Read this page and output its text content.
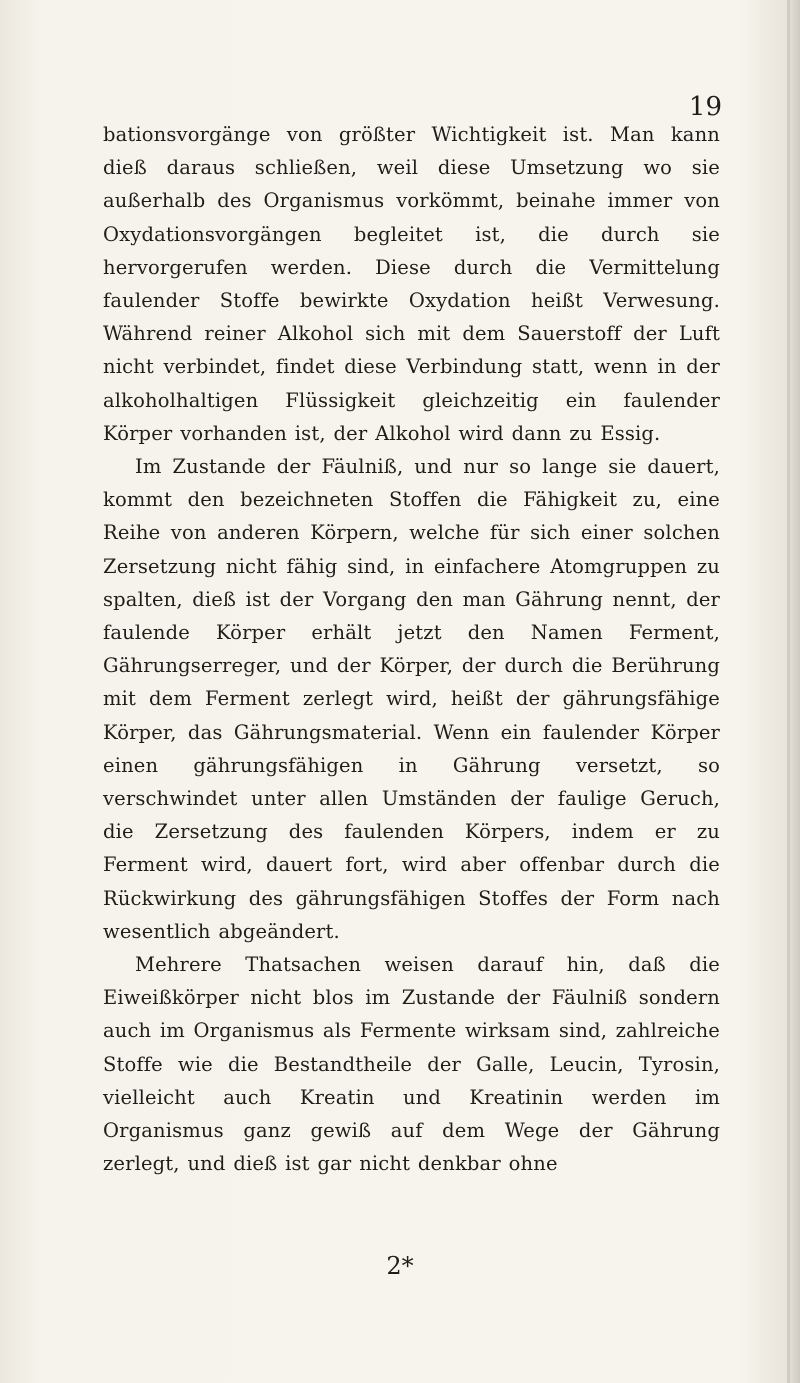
19

bationsvorgänge von größter Wichtigkeit ist. Man kann dieß daraus schließen, weil diese Umsetzung wo sie außerhalb des Organismus vorkömmt, beinahe immer von Oxydationsvorgängen begleitet ist, die durch sie hervorgerufen werden. Diese durch die Vermittelung faulender Stoffe bewirkte Oxydation heißt Verwesung. Während reiner Alkohol sich mit dem Sauerstoff der Luft nicht verbindet, findet diese Verbindung statt, wenn in der alkoholhaltigen Flüssigkeit gleichzeitig ein faulender Körper vorhanden ist, der Alkohol wird dann zu Essig.

Im Zustande der Fäulniß, und nur so lange sie dauert, kommt den bezeichneten Stoffen die Fähigkeit zu, eine Reihe von anderen Körpern, welche für sich einer solchen Zersetzung nicht fähig sind, in einfachere Atomgruppen zu spalten, dieß ist der Vorgang den man Gährung nennt, der faulende Körper erhält jetzt den Namen Ferment, Gährungserreger, und der Körper, der durch die Berührung mit dem Ferment zerlegt wird, heißt der gährungsfähige Körper, das Gährungsmaterial. Wenn ein faulender Körper einen gährungsfähigen in Gährung versetzt, so verschwindet unter allen Umständen der faulige Geruch, die Zersetzung des faulenden Körpers, indem er zu Ferment wird, dauert fort, wird aber offenbar durch die Rückwirkung des gährungsfähigen Stoffes der Form nach wesentlich abgeändert.

Mehrere Thatsachen weisen darauf hin, daß die Eiweißkörper nicht blos im Zustande der Fäulniß sondern auch im Organismus als Fermente wirksam sind, zahlreiche Stoffe wie die Bestandtheile der Galle, Leucin, Tyrosin, vielleicht auch Kreatin und Kreatinin werden im Organismus ganz gewiß auf dem Wege der Gährung zerlegt, und dieß ist gar nicht denkbar ohne

2*
